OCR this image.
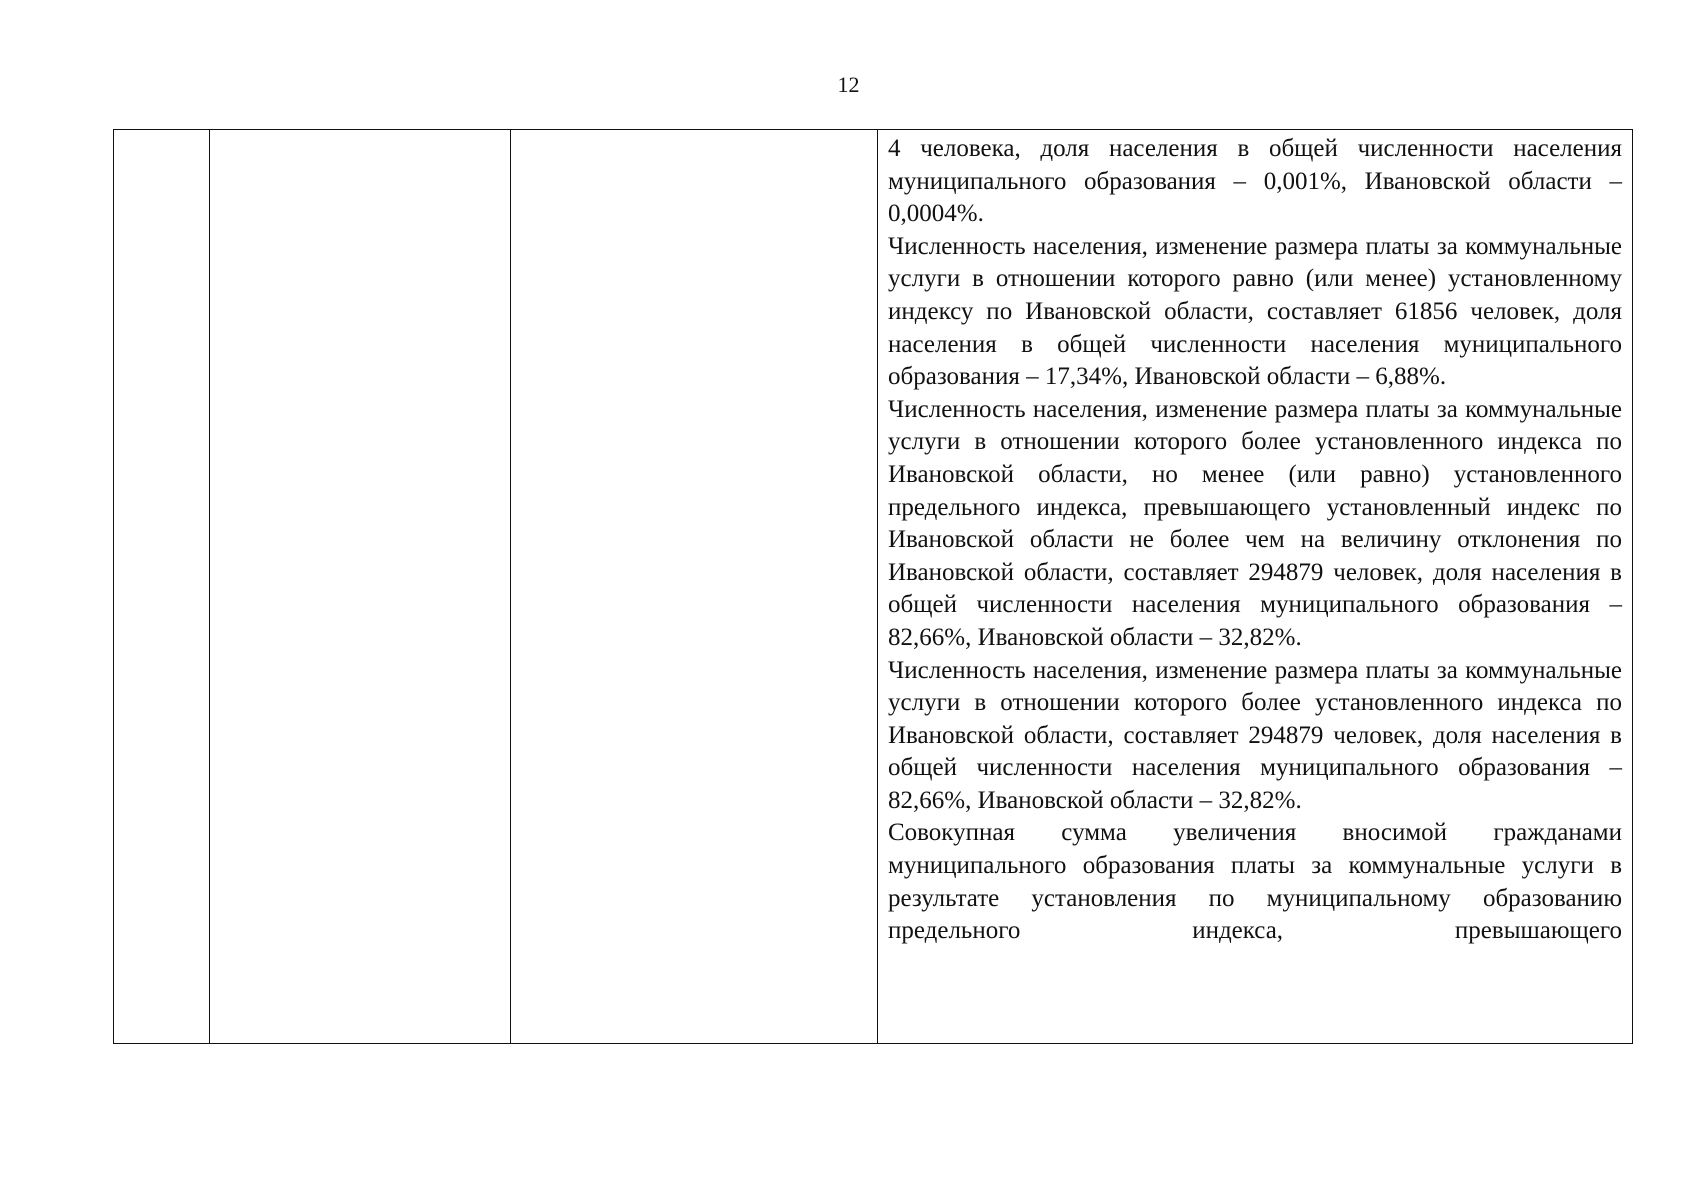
12

4 человека, доля населения в общей численности населения муниципального образования – 0,001%, Ивановской области – 0,0004%.

Численность населения, изменение размера платы за коммунальные услуги в отношении которого равно (или менее) установленному индексу по Ивановской области, составляет 61856 человек, доля населения в общей численности населения муниципального образования – 17,34%, Ивановской области – 6,88%.

Численность населения, изменение размера платы за коммунальные услуги в отношении которого более установленного индекса по Ивановской области, но менее (или равно) установленного предельного индекса, превышающего установленный индекс по Ивановской области не более чем на величину отклонения по Ивановской области, составляет 294879 человек, доля населения в общей численности населения муниципального образования – 82,66%, Ивановской области – 32,82%.

Численность населения, изменение размера платы за коммунальные услуги в отношении которого более установленного индекса по Ивановской области, составляет 294879 человек, доля населения в общей численности населения муниципального образования – 82,66%, Ивановской области – 32,82%.

Совокупная сумма увеличения вносимой гражданами муниципального образования платы за коммунальные услуги в результате установления по муниципальному образованию предельного индекса, превышающего
